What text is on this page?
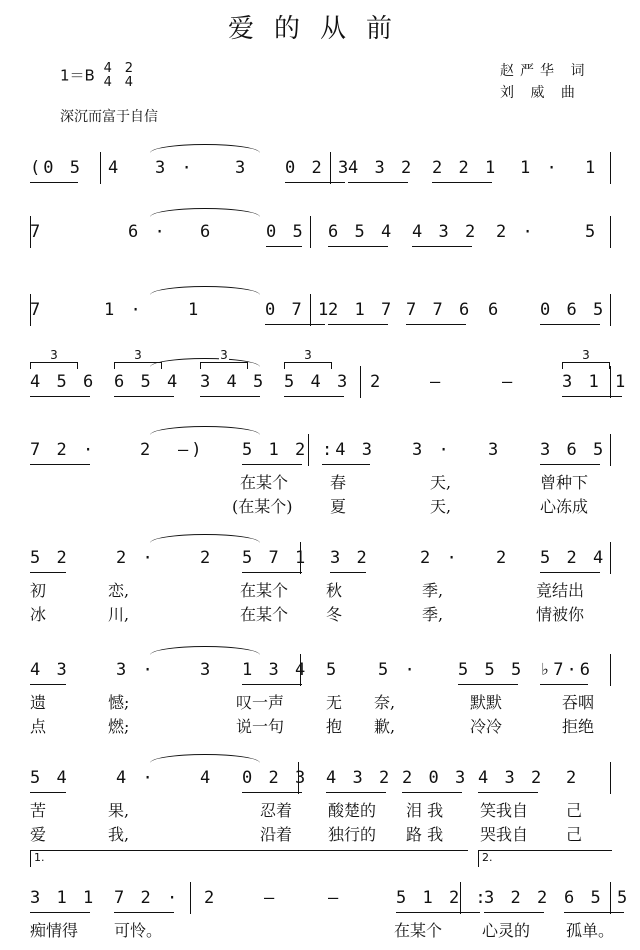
爱的从前
1＝B 4
4 2
4
赵严华 词
刘 威 曲
深沉而富于自信
(0 5 4 3 · 3 0 2 3
4 3 2 2 2 1 1 · 1
7	6 · 6	0 5 6 5 4 4 3 2 2 ·	5
7	1 ·	1	0 7 1
2 1 7 7 7 6 6 0 6 5
4 5 6 6 5 4 3 4 5 5 4 3 2	—	—	3 1 1
3	3	3	3	3
7 2 ·	2 —) 5 1 2 :4 3 3 · 3 3 6 5
在某个	春	天,	曾种下
(在某个) 夏	天,	心冻成
5 2	2 ·	2 5 7 1 3 2	2 · 2 5 2 4
初	恋,	在某个 秋	季,	竟结出
冰	川,	在某个 冬	季,	情被你
4 3	3 ·	3 1 3 4 5 5 · 5 5 5 ♭7·6
遗	憾;	叹一声	无 奈,	默默	吞咽
点	燃;	说一句	抱 歉,	冷冷	拒绝
5 4	4 ·	4 0 2 3 4 3 2 2 0 3 4 3 2 2
苦	果,	忍着 酸楚的 泪 我 笑我自 己
爱	我,	沿着 独行的 路 我 哭我自 己
3 1 1 7 2 · 2	—	—	5 1 2 :
3 2 2 6 5 5
痴情得 可怜。	在某个 心灵的 孤单。
1.	2.
